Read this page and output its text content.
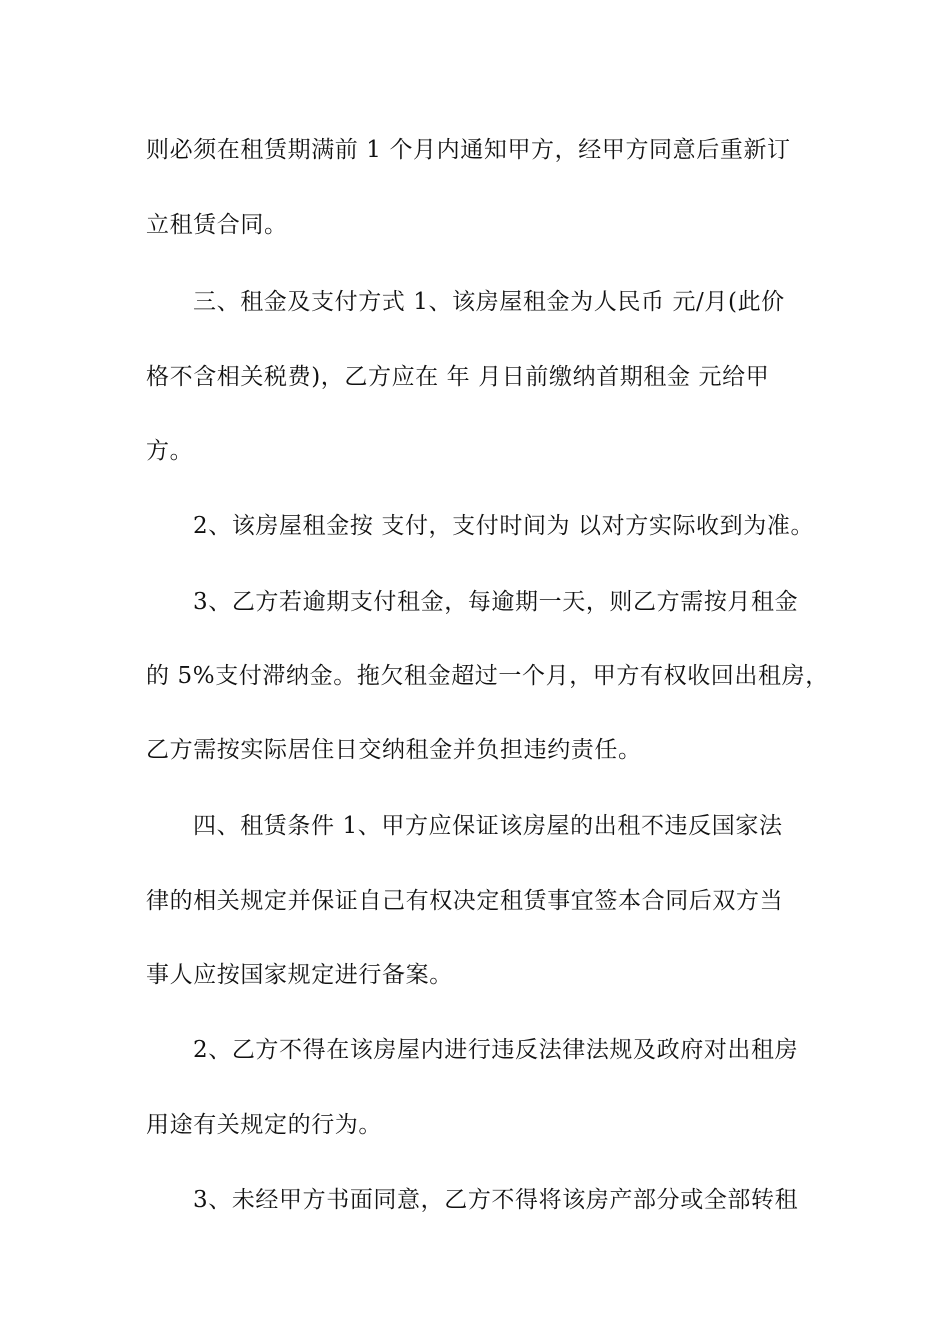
则必须在租赁期满前 1 个月内通知甲方，经甲方同意后重新订
立租赁合同。
三、租金及支付方式 1、该房屋租金为人民币 元/月(此价
格不含相关税费)，乙方应在 年 月日前缴纳首期租金 元给甲
方。
2、该房屋租金按 支付，支付时间为 以对方实际收到为准。
3、乙方若逾期支付租金，每逾期一天，则乙方需按月租金
的 5%支付滞纳金。拖欠租金超过一个月，甲方有权收回出租房，
乙方需按实际居住日交纳租金并负担违约责任。
四、租赁条件 1、甲方应保证该房屋的出租不违反国家法
律的相关规定并保证自己有权决定租赁事宜签本合同后双方当
事人应按国家规定进行备案。
2、乙方不得在该房屋内进行违反法律法规及政府对出租房
用途有关规定的行为。
3、未经甲方书面同意，乙方不得将该房产部分或全部转租
